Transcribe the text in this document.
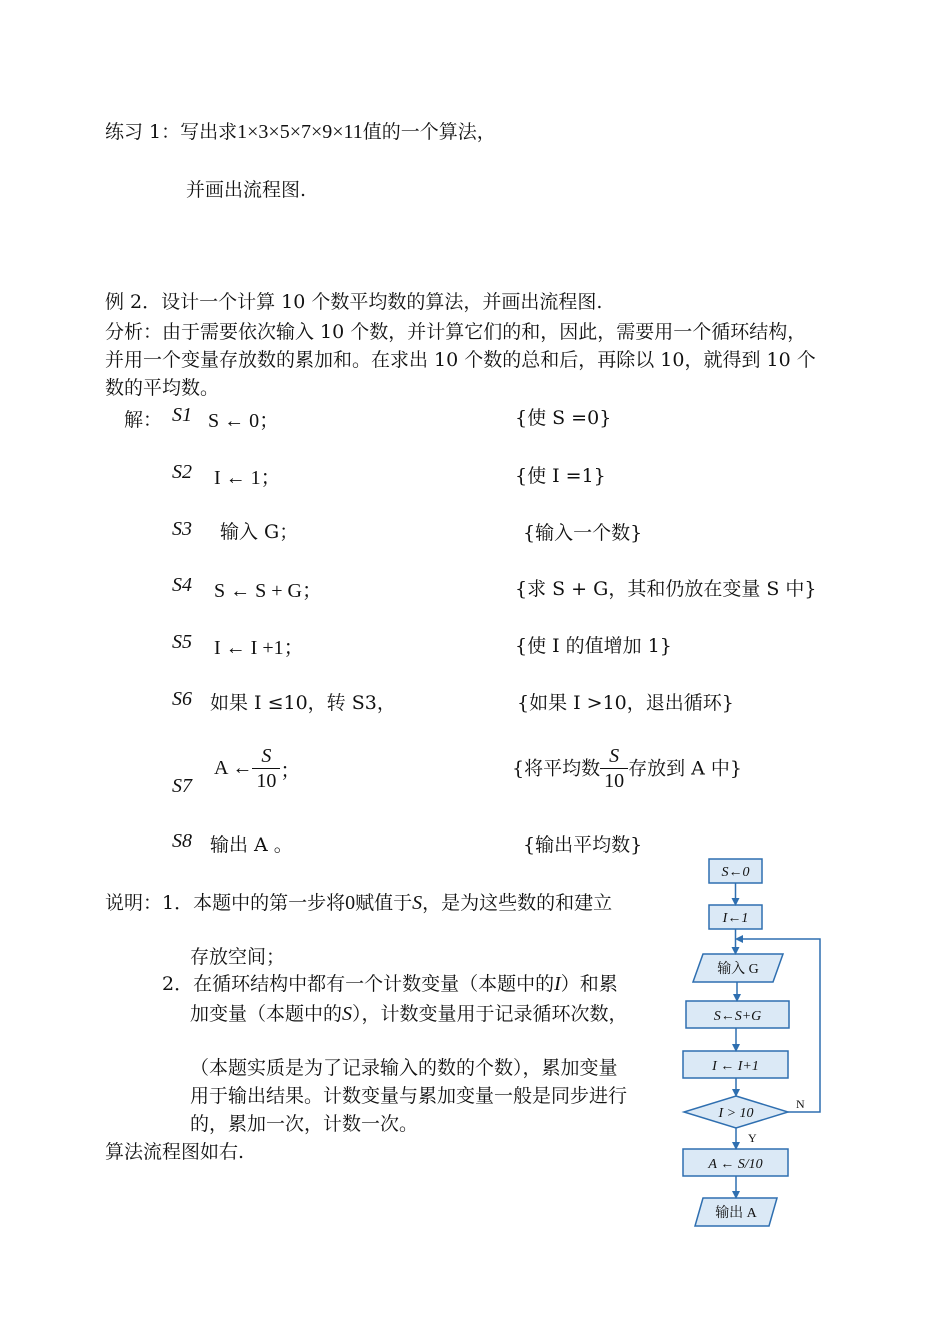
练习 1：写出求1×3×5×7×9×11值的一个算法，
并画出流程图.
例 2．设计一个计算 10 个数平均数的算法，并画出流程图.
分析：由于需要依次输入 10 个数，并计算它们的和，因此，需要用一个循环结构，
并用一个变量存放数的累加和。在求出 10 个数的总和后，再除以 10，就得到 10 个
数的平均数。
解： S1 S ← 0；	{使 S =0}
S2 I ← 1；	{使 I =1}
S3 输入 G；	{输入一个数}
S4 S ← S + G；	{求 S + G，其和仍放在变量 S 中}
S5 I ← I +1；	{使 I 的值增加 1}
S6 如果 I ≤10，转 S3，	{如果 I >10，退出循环}
S7
A ← $\frac{S}{10}$ ；	{将平均数 $\frac{S}{10}$ 存放到 A 中}
S8 输出 A 。	{输出平均数}
说明：1．本题中的第一步将0赋值于S，是为这些数的和建立
存放空间；
2．在循环结构中都有一个计数变量（本题中的I）和累
加变量（本题中的S），计数变量用于记录循环次数，
（本题实质是为了记录输入的数的个数），累加变量
用于输出结果。计数变量与累加变量一般是同步进行
的，累加一次，计数一次。
算法流程图如右.
S←0
I←1
输入 G
S←S+G
I ← I+1
I > 10
A ← S/10
输出 A
N
Y
